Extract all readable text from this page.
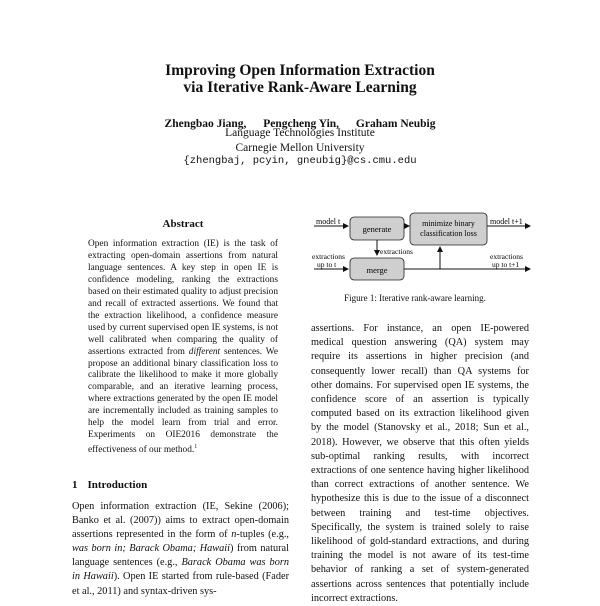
Improving Open Information Extraction
via Iterative Rank-Aware Learning
Zhengbao Jiang, Pengcheng Yin, Graham Neubig
Language Technologies Institute
Carnegie Mellon University
{zhengbaj, pcyin, gneubig}@cs.cmu.edu
Abstract
Open information extraction (IE) is the task of extracting open-domain assertions from natural language sentences. A key step in open IE is confidence modeling, ranking the extractions based on their estimated quality to adjust precision and recall of extracted assertions. We found that the extraction likelihood, a confidence measure used by current supervised open IE systems, is not well calibrated when comparing the quality of assertions extracted from different sentences. We propose an additional binary classification loss to calibrate the likelihood to make it more globally comparable, and an iterative learning process, where extractions generated by the open IE model are incrementally included as training samples to help the model learn from trial and error. Experiments on OIE2016 demonstrate the effectiveness of our method.$^1$
model t
generate
minimize binary
classification loss
model t+1
extractions
extractions
up to t
merge
extractions
up to t+1
Figure 1: Iterative rank-aware learning.
1 Introduction
Open information extraction (IE, Sekine (2006); Banko et al. (2007)) aims to extract open-domain assertions represented in the form of n-tuples (e.g., was born in; Barack Obama; Hawaii) from natural language sentences (e.g., Barack Obama was born in Hawaii). Open IE started from rule-based (Fader et al., 2011) and syntax-driven sys-
assertions. For instance, an open IE-powered medical question answering (QA) system may require its assertions in higher precision (and consequently lower recall) than QA systems for other domains. For supervised open IE systems, the confidence score of an assertion is typically computed based on its extraction likelihood given by the model (Stanovsky et al., 2018; Sun et al., 2018). However, we observe that this often yields sub-optimal ranking results, with incorrect extractions of one sentence having higher likelihood than correct extractions of another sentence. We hypothesize this is due to the issue of a disconnect between training and test-time objectives. Specifically, the system is trained solely to raise likelihood of gold-standard extractions, and during training the model is not aware of its test-time behavior of ranking a set of system-generated assertions across sentences that potentially include incorrect extractions.
